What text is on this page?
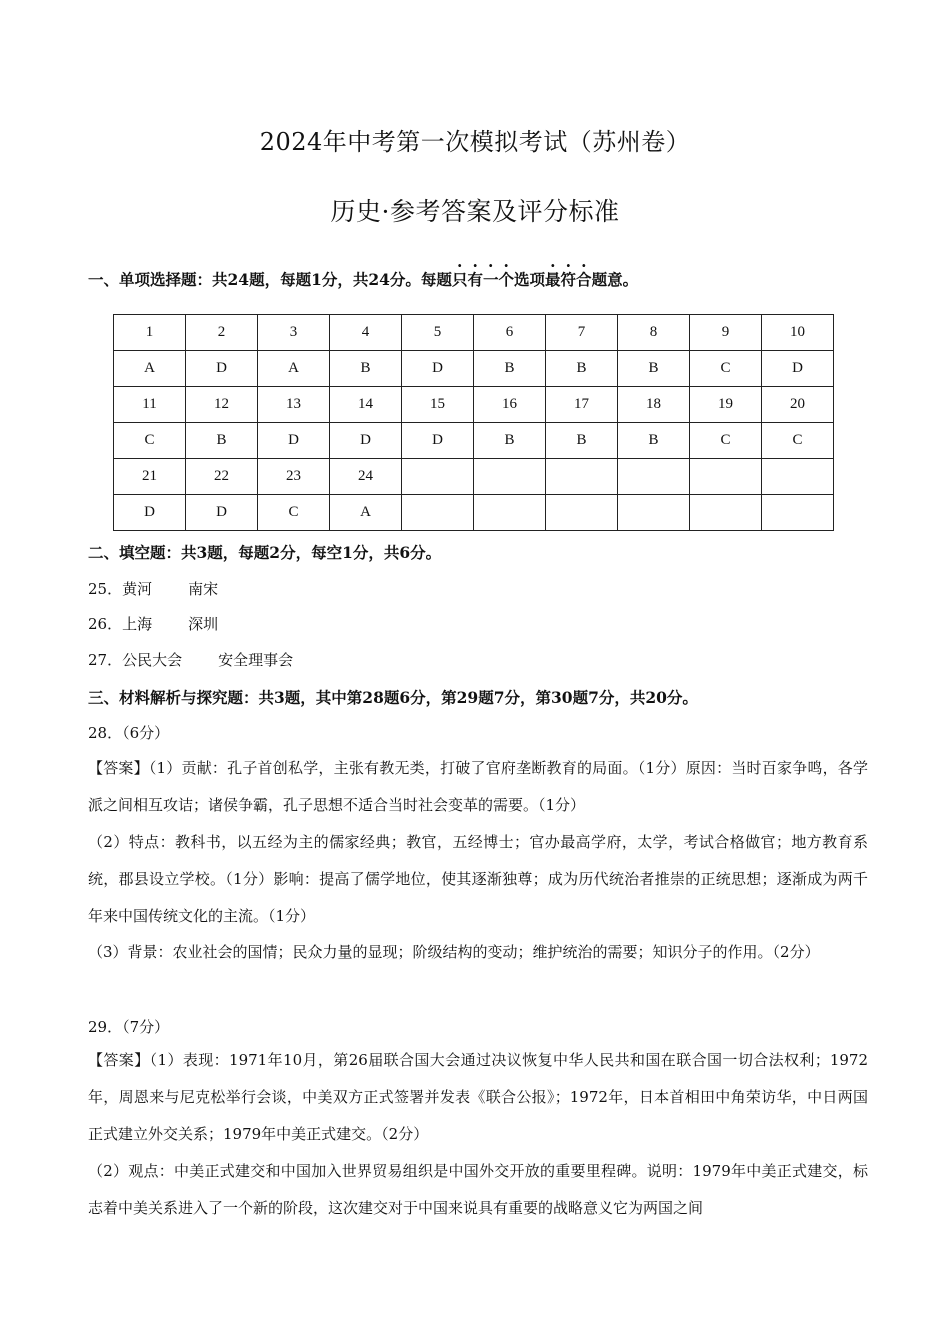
2024年中考第一次模拟考试（苏州卷）
历史·参考答案及评分标准
一、单项选择题：共24题，每题1分，共24分。每题只有一个选项最符合题意。
1	2	3	4	5	6	7	8	9	10
A	D	A	B	D	B	B	B	C	D
11	12	13	14	15	16	17	18	19	20
C	B	D	D	D	B	B	B	C	C
21	22	23	24						
D	D	C	A						
二、填空题：共3题，每题2分，每空1分，共6分。
25．黄河 南宋
26．上海 深圳
27．公民大会 安全理事会
三、材料解析与探究题：共3题，其中第28题6分，第29题7分，第30题7分，共20分。
28．（6分）
【答案】（1）贡献：孔子首创私学，主张有教无类，打破了官府垄断教育的局面。（1分）原因：当时百家争鸣，各学派之间相互攻诘；诸侯争霸，孔子思想不适合当时社会变革的需要。（1分）
（2）特点：教科书，以五经为主的儒家经典；教官，五经博士；官办最高学府，太学，考试合格做官；地方教育系统，郡县设立学校。（1分）影响：提高了儒学地位，使其逐渐独尊；成为历代统治者推崇的正统思想；逐渐成为两千年来中国传统文化的主流。（1分）
（3）背景：农业社会的国情；民众力量的显现；阶级结构的变动；维护统治的需要；知识分子的作用。（2分）
29．（7分）
【答案】（1）表现：1971年10月，第26届联合国大会通过决议恢复中华人民共和国在联合国一切合法权利；1972年，周恩来与尼克松举行会谈，中美双方正式签署并发表《联合公报》；1972年，日本首相田中角荣访华，中日两国正式建立外交关系；1979年中美正式建交。（2分）
（2）观点：中美正式建交和中国加入世界贸易组织是中国外交开放的重要里程碑。说明：1979年中美正式建交，标志着中美关系进入了一个新的阶段，这次建交对于中国来说具有重要的战略意义它为两国之间
